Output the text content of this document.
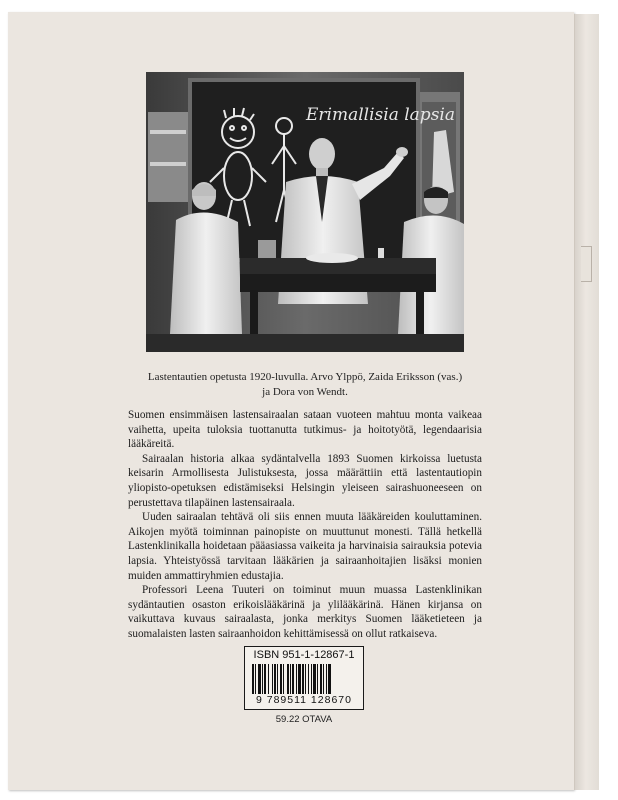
Erimallisia lapsia
Lastentautien opetusta 1920-luvulla. Arvo Ylppö, Zaida Eriksson (vas.)
ja Dora von Wendt.

Suomen ensimmäisen lastensairaalan sataan vuoteen mahtuu monta vaikeaa vaihetta, upeita tuloksia tuottanutta tutkimus- ja hoitotyötä, legendaarisia lääkäreitä.

Sairaalan historia alkaa sydäntalvella 1893 Suomen kirkoissa luetusta keisarin Armollisesta Julistuksesta, jossa määrättiin että lastentautiopin yliopisto-opetuksen edistämiseksi Helsingin yleiseen sairashuoneeseen on perustettava tilapäinen lastensairaala.

Uuden sairaalan tehtävä oli siis ennen muuta lääkäreiden kouluttaminen. Aikojen myötä toiminnan painopiste on muuttunut monesti. Tällä hetkellä Lastenklinikalla hoidetaan pääasiassa vaikeita ja harvinaisia sairauksia potevia lapsia. Yhteistyössä tarvitaan lääkärien ja sairaanhoitajien lisäksi monien muiden ammattiryhmien edustajia.

Professori Leena Tuuteri on toiminut muun muassa Lastenklinikan sydäntautien osaston erikoislääkärinä ja ylilääkärinä. Hänen kirjansa on vaikuttava kuvaus sairaalasta, jonka merkitys Suomen lääketieteen ja suomalaisten lasten sairaanhoidon kehittämisessä on ollut ratkaiseva.

ISBN 951-1-12867-1
9 789511 128670
59.22 OTAVA
